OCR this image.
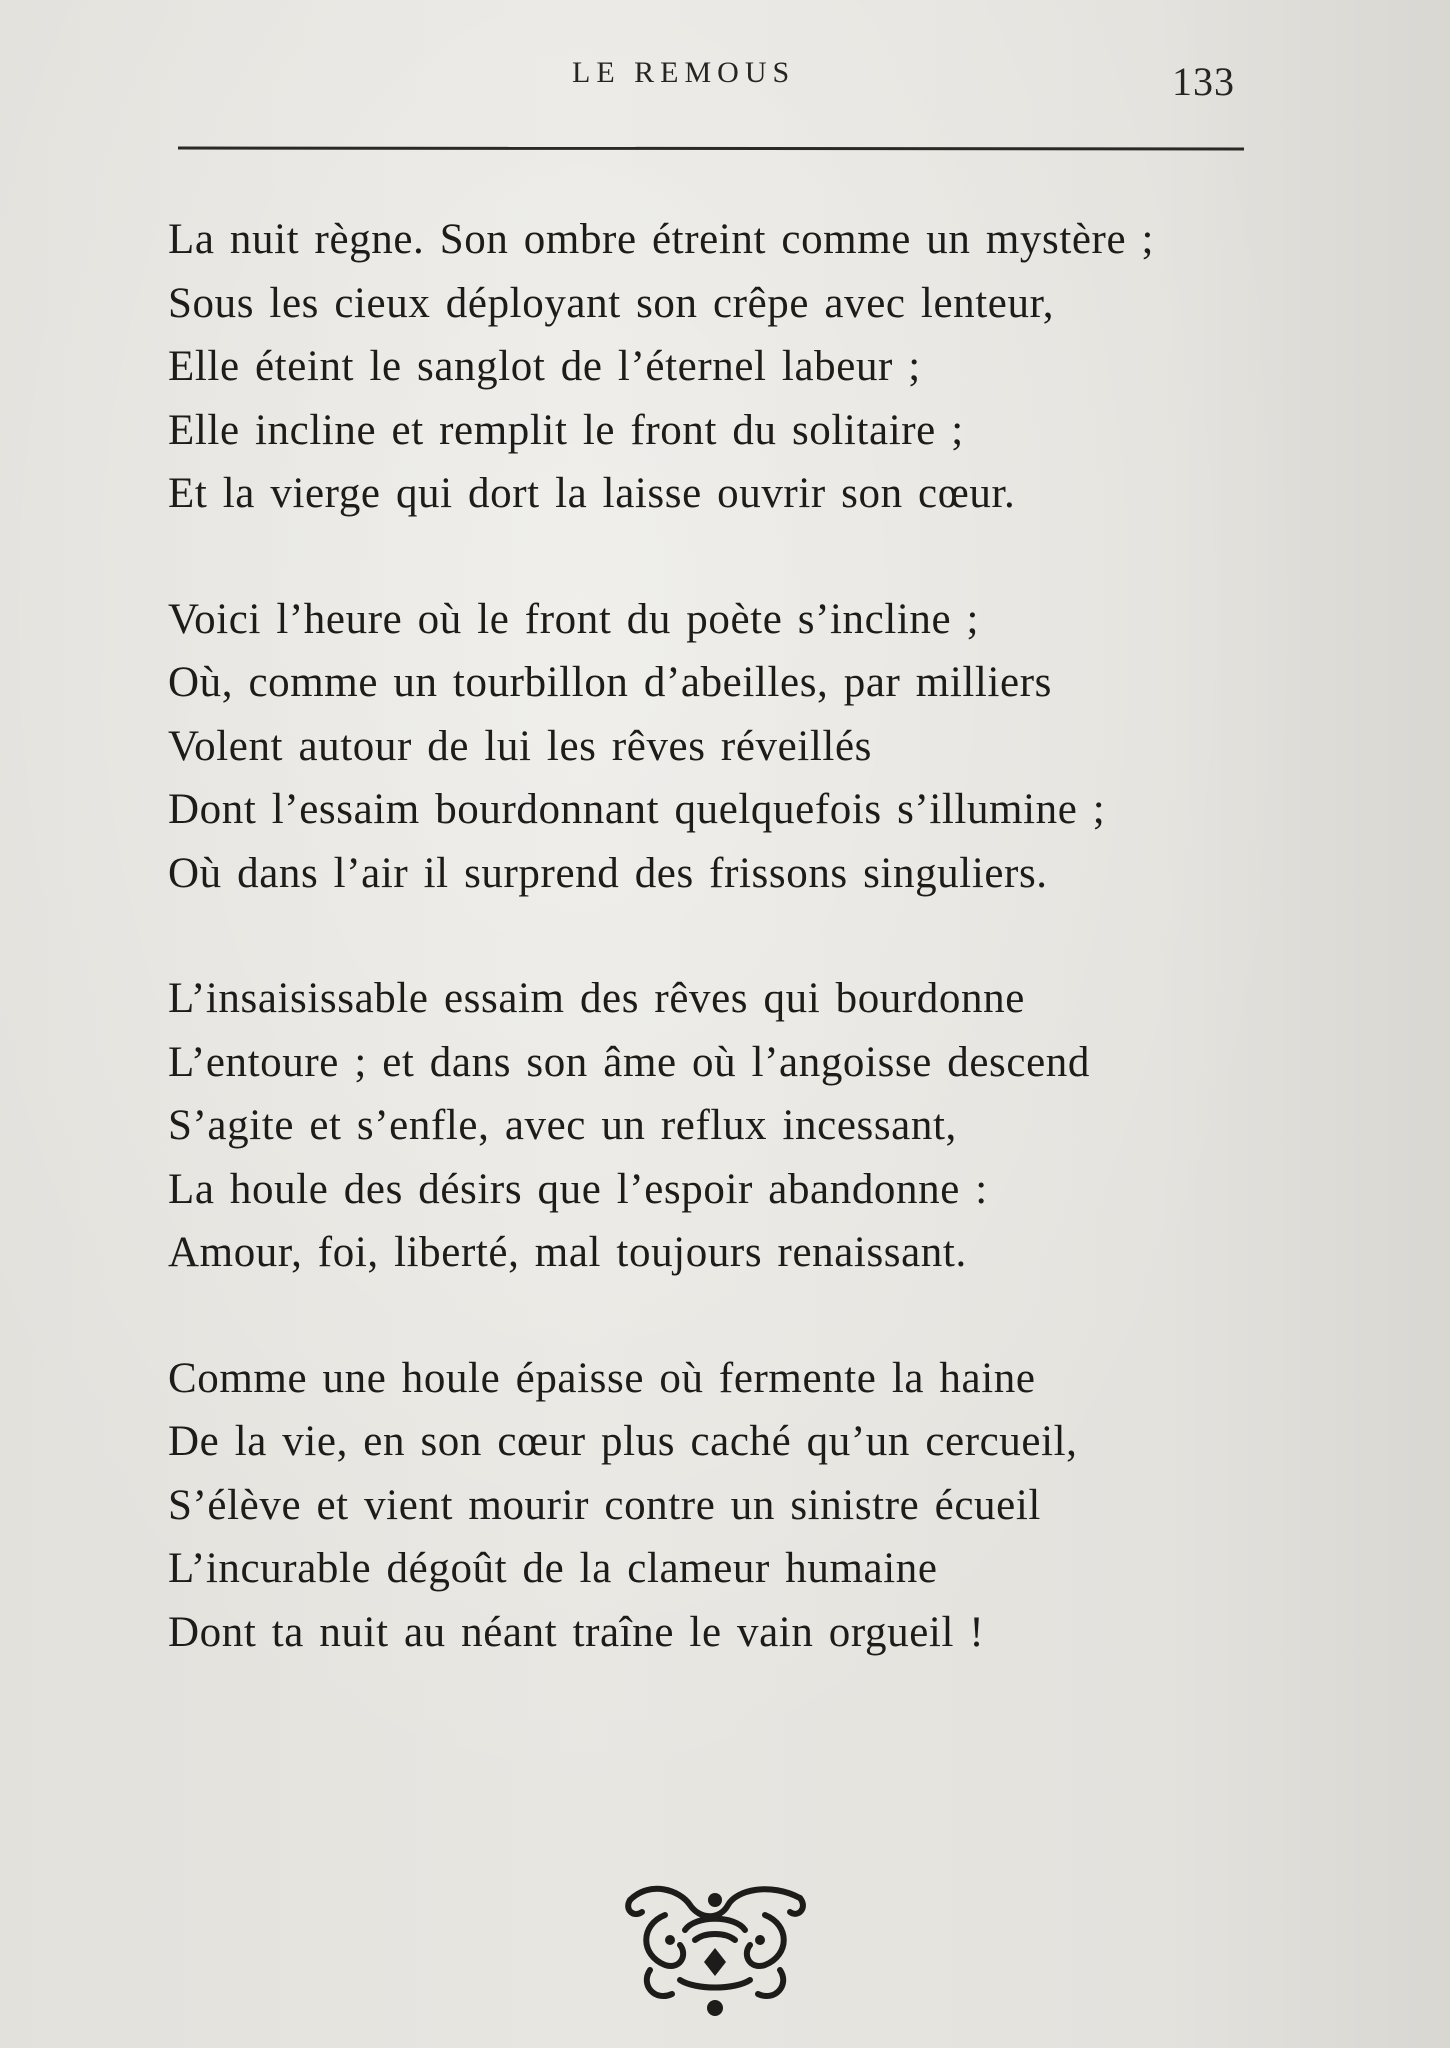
LE REMOUS	133
La nuit règne. Son ombre étreint comme un mystère ;
Sous les cieux déployant son crêpe avec lenteur,
Elle éteint le sanglot de l’éternel labeur ;
Elle incline et remplit le front du solitaire ;
Et la vierge qui dort la laisse ouvrir son cœur.
Voici l’heure où le front du poète s’incline ;
Où, comme un tourbillon d’abeilles, par milliers
Volent autour de lui les rêves réveillés
Dont l’essaim bourdonnant quelquefois s’illumine ;
Où dans l’air il surprend des frissons singuliers.
L’insaisissable essaim des rêves qui bourdonne
L’entoure ; et dans son âme où l’angoisse descend
S’agite et s’enfle, avec un reflux incessant,
La houle des désirs que l’espoir abandonne :
Amour, foi, liberté, mal toujours renaissant.
Comme une houle épaisse où fermente la haine
De la vie, en son cœur plus caché qu’un cercueil,
S’élève et vient mourir contre un sinistre écueil
L’incurable dégoût de la clameur humaine
Dont ta nuit au néant traîne le vain orgueil !
